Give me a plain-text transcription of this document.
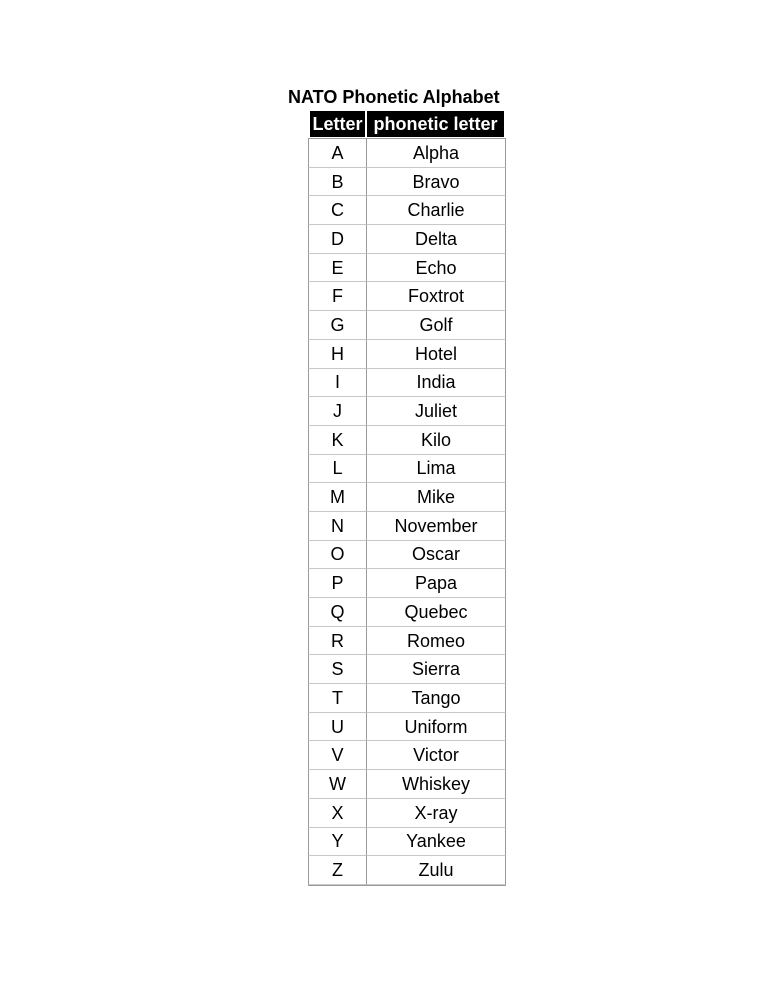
NATO Phonetic Alphabet
Letter phonetic letter
A	Alpha
B	Bravo
C	Charlie
D	Delta
E	Echo
F	Foxtrot
G	Golf
H	Hotel
I	India
J	Juliet
K	Kilo
L	Lima
M	Mike
N	November
O	Oscar
P	Papa
Q	Quebec
R	Romeo
S	Sierra
T	Tango
U	Uniform
V	Victor
W	Whiskey
X	X-ray
Y	Yankee
Z	Zulu
